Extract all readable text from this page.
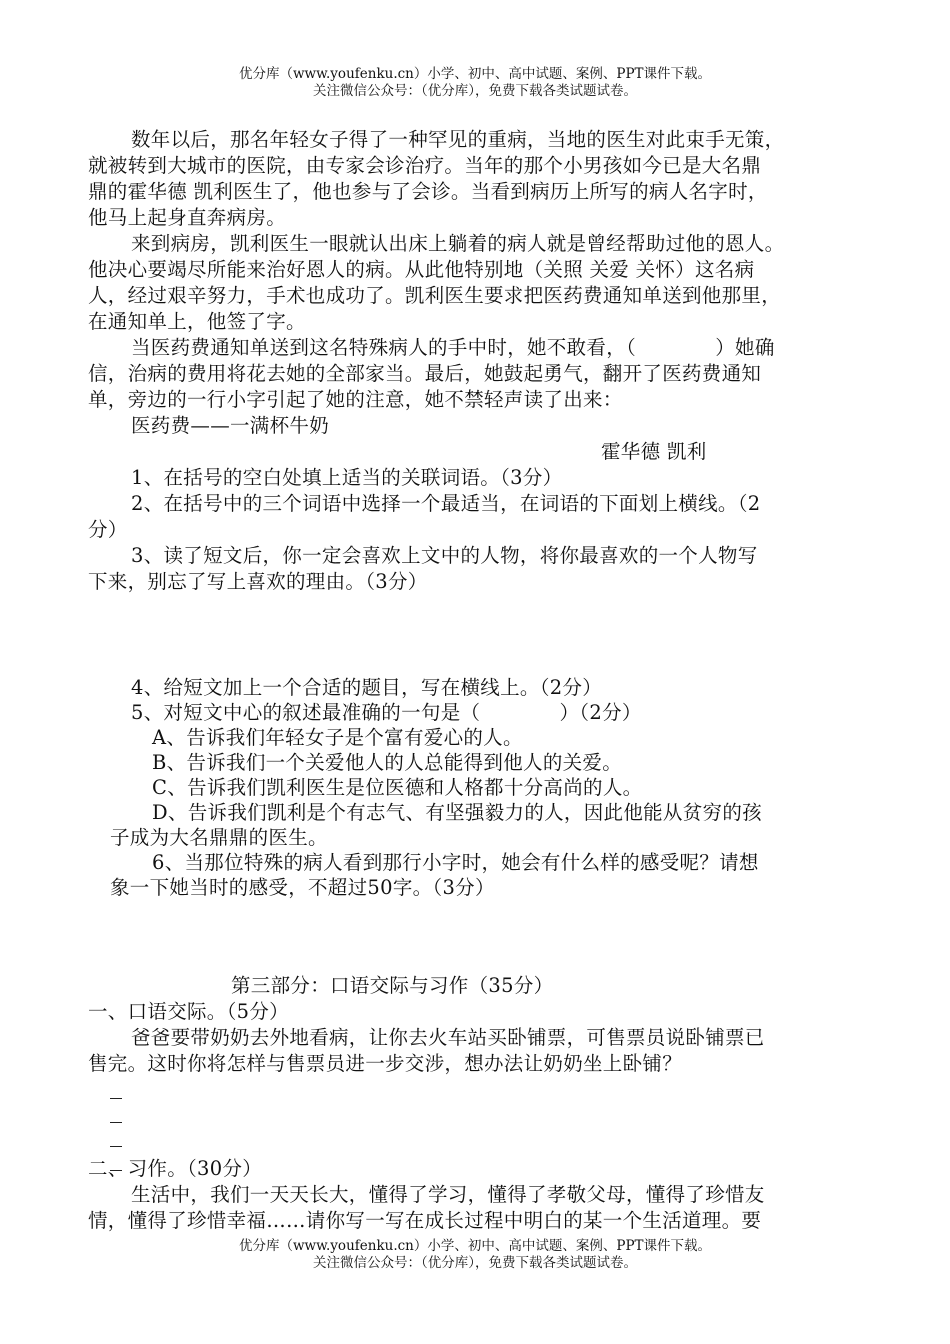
优分库（www.youfenku.cn）小学、初中、高中试题、案例、PPT课件下载。
关注微信公众号：（优分库），免费下载各类试题试卷。
数年以后，那名年轻女子得了一种罕见的重病，当地的医生对此束手无策，
就被转到大城市的医院，由专家会诊治疗。当年的那个小男孩如今已是大名鼎
鼎的霍华德 凯利医生了，他也参与了会诊。当看到病历上所写的病人名字时，
他马上起身直奔病房。
来到病房，凯利医生一眼就认出床上躺着的病人就是曾经帮助过他的恩人。
他决心要竭尽所能来治好恩人的病。从此他特别地（关照 关爱 关怀）这名病
人，经过艰辛努力，手术也成功了。凯利医生要求把医药费通知单送到他那里，
在通知单上，他签了字。
当医药费通知单送到这名特殊病人的手中时，她不敢看，（　　　　）她确
信，治病的费用将花去她的全部家当。最后，她鼓起勇气，翻开了医药费通知
单，旁边的一行小字引起了她的注意，她不禁轻声读了出来：
医药费——一满杯牛奶
霍华德 凯利
1、在括号的空白处填上适当的关联词语。（3分）
2、在括号中的三个词语中选择一个最适当，在词语的下面划上横线。（2
分）
3、读了短文后，你一定会喜欢上文中的人物，将你最喜欢的一个人物写
下来，别忘了写上喜欢的理由。（3分）
4、给短文加上一个合适的题目，写在横线上。（2分）
5、对短文中心的叙述最准确的一句是（　　　　）（2分）
A、告诉我们年轻女子是个富有爱心的人。
B、告诉我们一个关爱他人的人总能得到他人的关爱。
C、告诉我们凯利医生是位医德和人格都十分高尚的人。
D、告诉我们凯利是个有志气、有坚强毅力的人，因此他能从贫穷的孩
子成为大名鼎鼎的医生。
6、当那位特殊的病人看到那行小字时，她会有什么样的感受呢？请想
象一下她当时的感受，不超过50字。（3分）
第三部分：口语交际与习作（35分）
一、口语交际。（5分）
爸爸要带奶奶去外地看病，让你去火车站买卧铺票，可售票员说卧铺票已
售完。这时你将怎样与售票员进一步交涉，想办法让奶奶坐上卧铺？
二、习作。（30分）
生活中，我们一天天长大，懂得了学习，懂得了孝敬父母，懂得了珍惜友
情，懂得了珍惜幸福……请你写一写在成长过程中明白的某一个生活道理。要
优分库（www.youfenku.cn）小学、初中、高中试题、案例、PPT课件下载。
关注微信公众号：（优分库），免费下载各类试题试卷。
